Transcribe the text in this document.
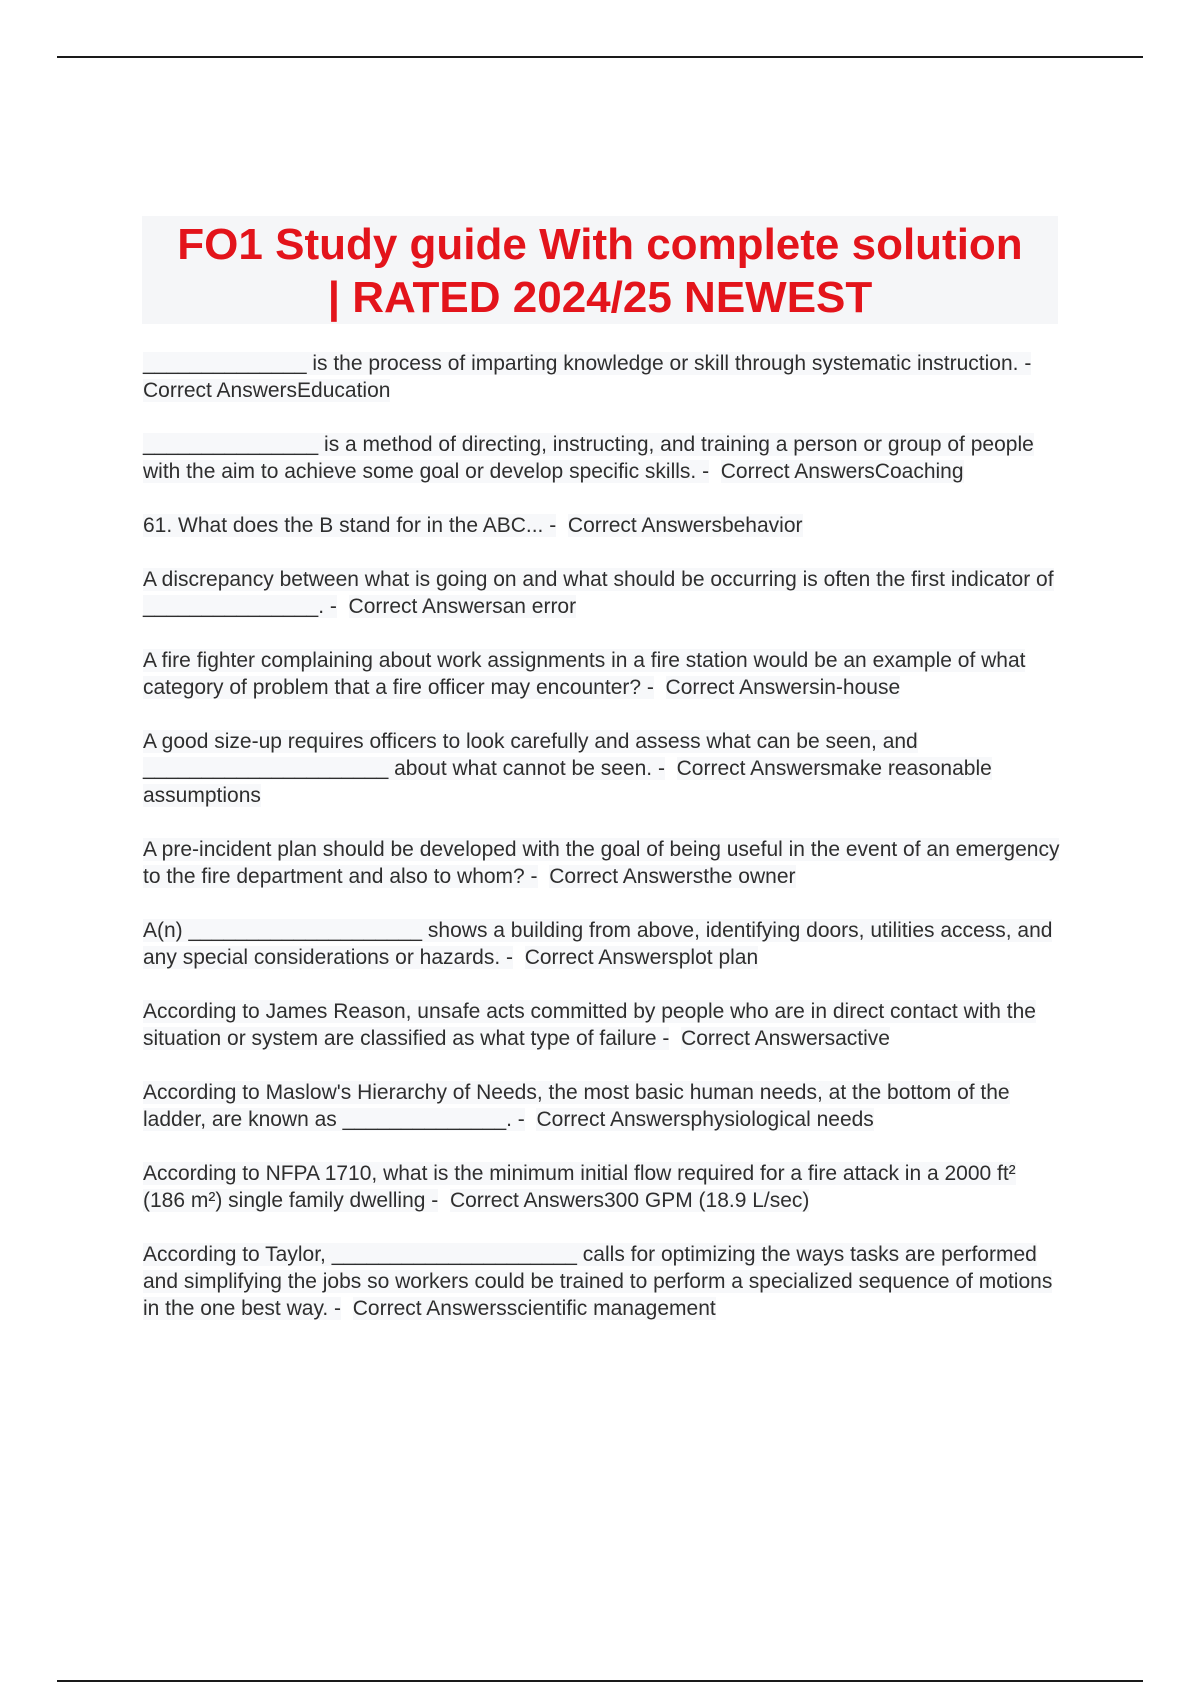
FO1 Study guide With complete solution
| RATED 2024/25 NEWEST

______________ is the process of imparting knowledge or skill through systematic instruction. -  Correct AnswersEducation

_______________ is a method of directing, instructing, and training a person or group of people with the aim to achieve some goal or develop specific skills. - Correct AnswersCoaching

61. What does the B stand for in the ABC... - Correct Answersbehavior

A discrepancy between what is going on and what should be occurring is often the first indicator of _______________. - Correct Answersan error

A fire fighter complaining about work assignments in a fire station would be an example of what category of problem that a fire officer may encounter? - Correct Answersin-house

A good size-up requires officers to look carefully and assess what can be seen, and _____________________ about what cannot be seen. - Correct Answersmake reasonable assumptions

A pre-incident plan should be developed with the goal of being useful in the event of an emergency to the fire department and also to whom? - Correct Answersthe owner

A(n) ____________________ shows a building from above, identifying doors, utilities access, and any special considerations or hazards. - Correct Answersplot plan

According to James Reason, unsafe acts committed by people who are in direct contact with the situation or system are classified as what type of failure - Correct Answersactive

According to Maslow's Hierarchy of Needs, the most basic human needs, at the bottom of the ladder, are known as ______________. - Correct Answersphysiological needs

According to NFPA 1710, what is the minimum initial flow required for a fire attack in a 2000 ft² (186 m²) single family dwelling - Correct Answers300 GPM (18.9 L/sec)

According to Taylor, _____________________ calls for optimizing the ways tasks are performed and simplifying the jobs so workers could be trained to perform a specialized sequence of motions in the one best way. - Correct Answersscientific management
